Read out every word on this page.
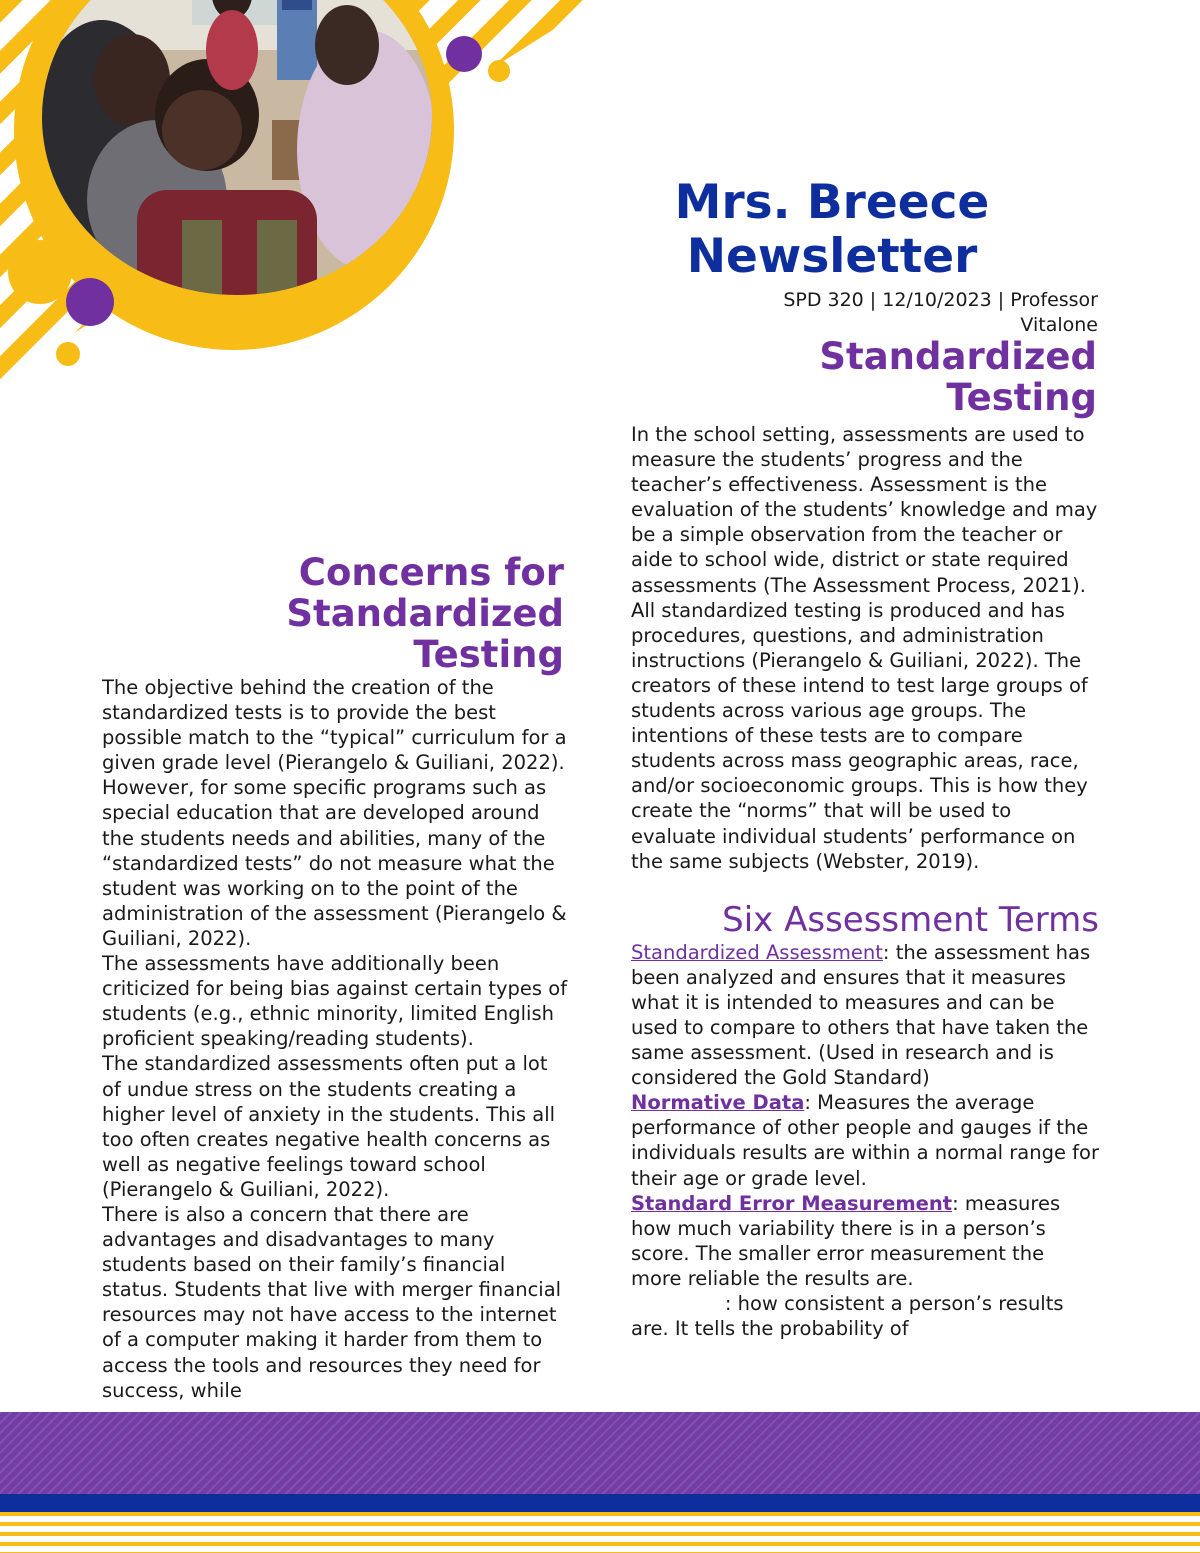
Mrs. Breece
Newsletter
SPD 320 | 12/10/2023 | Professor Vitalone
Standardized
Testing

In the school setting, assessments are used to measure the students’ progress and the teacher’s effectiveness. Assessment is the evaluation of the students’ knowledge and may be a simple observation from the teacher or aide to school wide, district or state required assessments (The Assessment Process, 2021). All standardized testing is produced and has procedures, questions, and administration instructions (Pierangelo & Guiliani, 2022). The creators of these intend to test large groups of students across various age groups. The intentions of these tests are to compare students across mass geographic areas, race, and/or socioeconomic groups. This is how they create the “norms” that will be used to evaluate individual students’ performance on the same subjects (Webster, 2019).

Six Assessment Terms

Standardized Assessment: the assessment has been analyzed and ensures that it measures what it is intended to measures and can be used to compare to others that have taken the same assessment. (Used in research and is considered the Gold Standard)

Normative Data: Measures the average performance of other people and gauges if the individuals results are within a normal range for their age or grade level.

Standard Error Measurement: measures how much variability there is in a person’s score. The smaller error measurement the more reliable the results are.

: how consistent a person’s results are. It tells the probability of

Concerns for
Standardized
Testing

The objective behind the creation of the standardized tests is to provide the best possible match to the “typical” curriculum for a given grade level (Pierangelo & Guiliani, 2022). However, for some specific programs such as special education that are developed around the students needs and abilities, many of the “standardized tests” do not measure what the student was working on to the point of the administration of the assessment (Pierangelo & Guiliani, 2022).

The assessments have additionally been criticized for being bias against certain types of students (e.g., ethnic minority, limited English proficient speaking/reading students).

The standardized assessments often put a lot of undue stress on the students creating a higher level of anxiety in the students. This all too often creates negative health concerns as well as negative feelings toward school (Pierangelo & Guiliani, 2022).

There is also a concern that there are advantages and disadvantages to many students based on their family’s financial status. Students that live with merger financial resources may not have access to the internet of a computer making it harder from them to access the tools and resources they need for success, while
